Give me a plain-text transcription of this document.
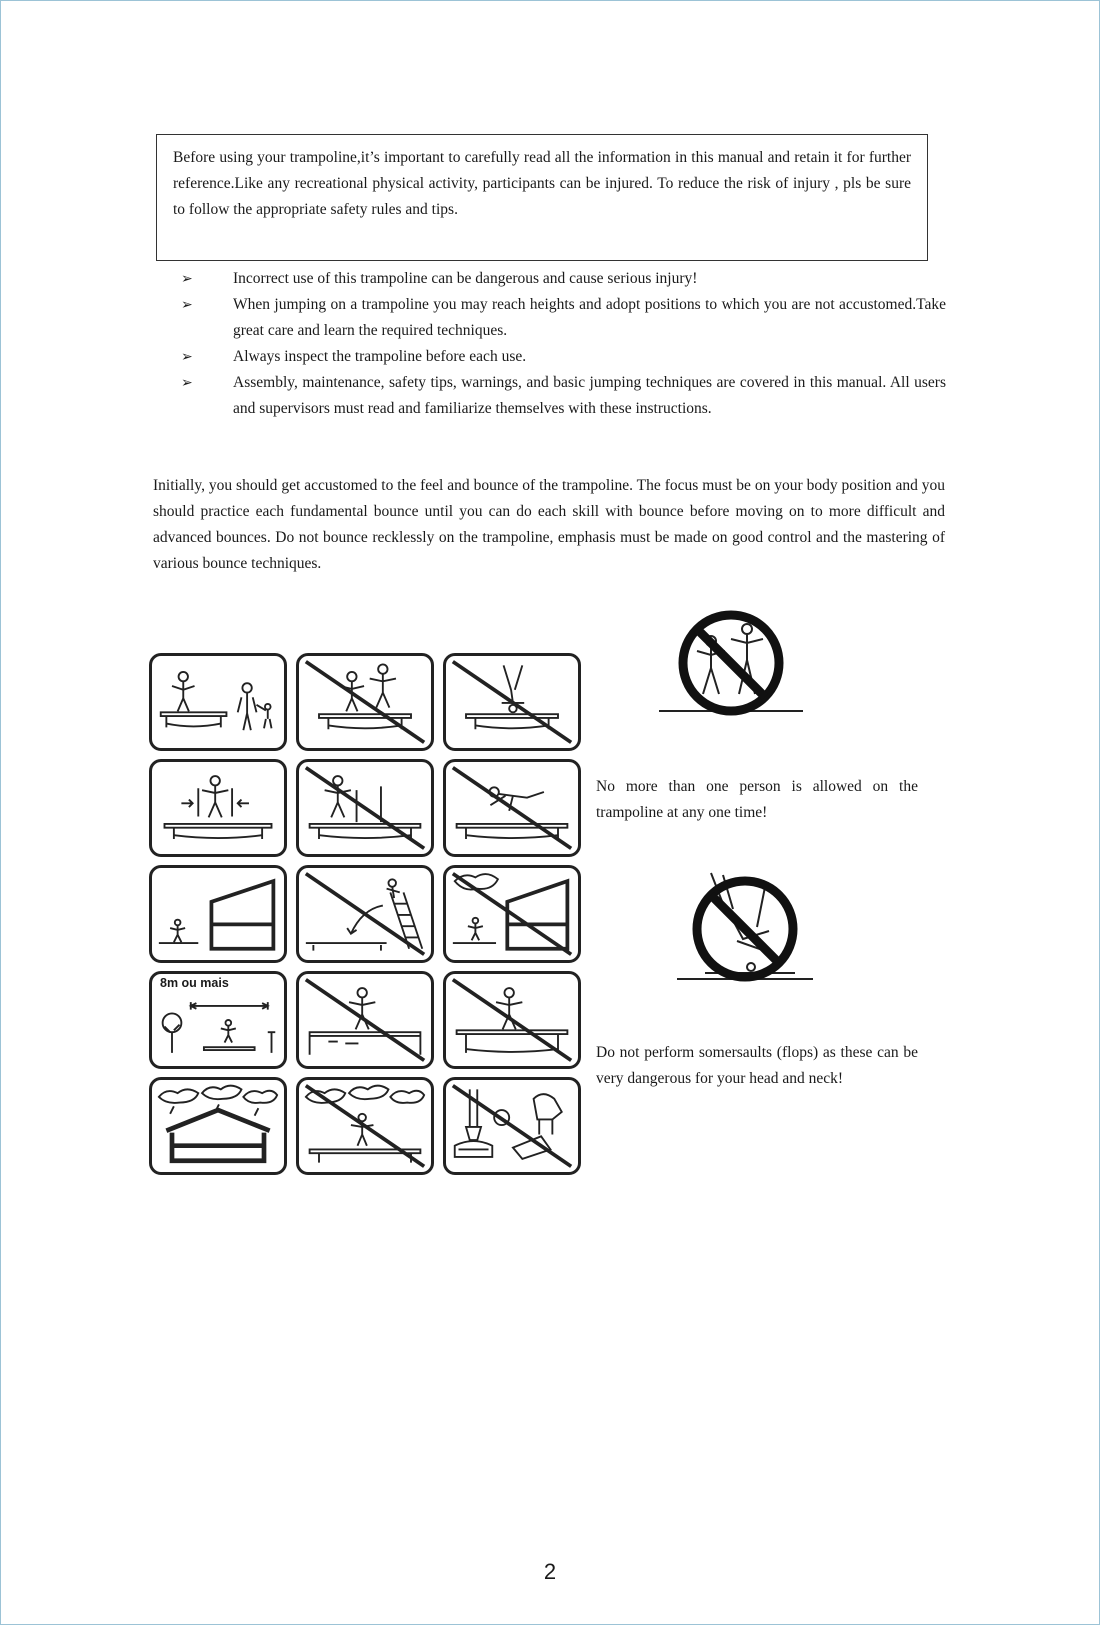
Before using your trampoline,it’s important to carefully read all the information in this manual and retain it for further reference.Like any recreational physical activity, participants can be injured. To reduce the risk of injury , pls be sure to follow the appropriate safety rules and tips.
➢	Incorrect use of this trampoline can be dangerous and cause serious injury!
➢	When jumping on a trampoline you may reach heights and adopt positions to which you are not accustomed.Take great care and learn the required techniques.
➢	Always inspect the trampoline before each use.
➢	Assembly, maintenance, safety tips, warnings, and basic jumping techniques are covered in this manual. All users and supervisors must read and familiarize themselves with these instructions.

Initially, you should get accustomed to the feel and bounce of the trampoline. The focus must be on your body position and you should practice each fundamental bounce until you can do each skill with bounce before moving on to more difficult and advanced bounces. Do not bounce recklessly on the trampoline, emphasis must be made on good control and the mastering of various bounce techniques.

8m ou mais

No more than one person is allowed on the trampoline at any one time!

Do not perform somersaults (flops) as these can be very dangerous for your head and neck!

2
